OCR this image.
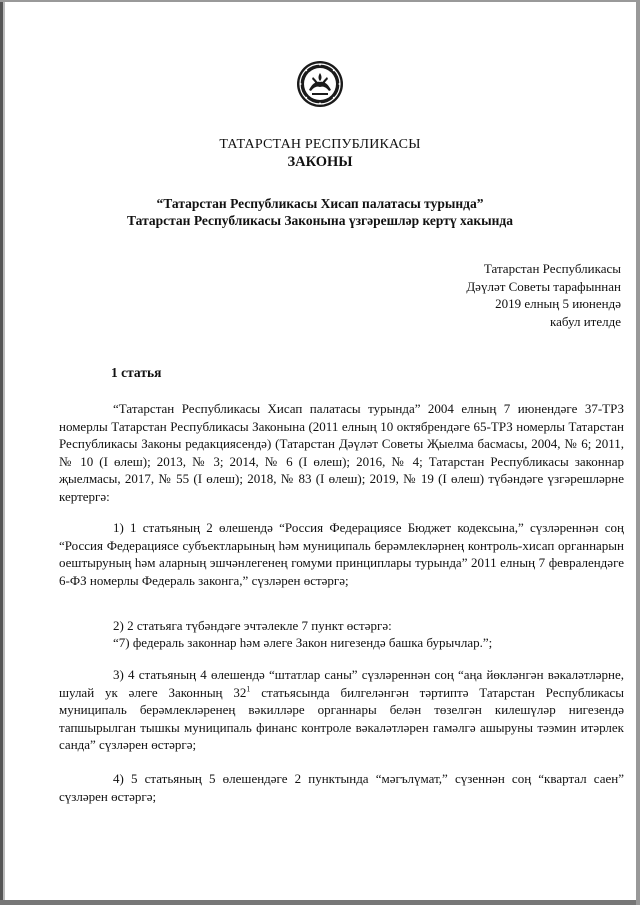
ТАТАРСТАН РЕСПУБЛИКАСЫ
ЗАКОНЫ
“Татарстан Республикасы Хисап палатасы турында”
Татарстан Республикасы Законына үзгәрешләр кертү хакында
Татарстан Республикасы
Дәүләт Советы тарафыннан
2019 елның 5 июнендә
кабул ителде
1 статья
“Татарстан Республикасы Хисап палатасы турында” 2004 елның 7 июнендәге 37-ТРЗ номерлы Татарстан Республикасы Законына (2011 елның 10 октябрендәге 65-ТРЗ номерлы Татарстан Республикасы Законы редакциясендә) (Татарстан Дәүләт Советы Җыелма басмасы, 2004, № 6; 2011, № 10 (I өлеш); 2013, № 3; 2014, № 6 (I өлеш); 2016, № 4; Татарстан Республикасы законнар җыелмасы, 2017, № 55 (I өлеш); 2018, № 83 (I өлеш); 2019, № 19 (I өлеш) түбәндәге үзгәрешләрне кертергә:
1) 1 статьяның 2 өлешендә “Россия Федерациясе Бюджет кодексына,” сүзләреннән соң “Россия Федерациясе субъектларының һәм муниципаль берәмлекләрнең контроль-хисап органнарын оештыруның һәм аларның эшчәнлегенең гомуми принциплары турында” 2011 елның 7 февралендәге 6-ФЗ номерлы Федераль законга,” сүзләрен өстәргә;
2) 2 статьяга түбәндәге эчтәлекле 7 пункт өстәргә:
“7) федераль законнар һәм әлеге Закон нигезендә башка бурычлар.”;
3) 4 статьяның 4 өлешендә “штатлар саны” сүзләреннән соң “аңа йөкләнгән вәкаләтләрне, шулай ук әлеге Законның $32^1$ статьясында билгеләнгән тәртиптә Татарстан Республикасы муниципаль берәмлекләренең вәкилләре органнары белән төзелгән килешүләр нигезендә тапшырылган тышкы муниципаль финанс контроле вәкаләтләрен гамәлгә ашыруны тәэмин итәрлек санда” сүзләрен өстәргә;
4) 5 статьяның 5 өлешендәге 2 пунктында “мәгълүмат,” сүзеннән соң “квартал саен” сүзләрен өстәргә;
